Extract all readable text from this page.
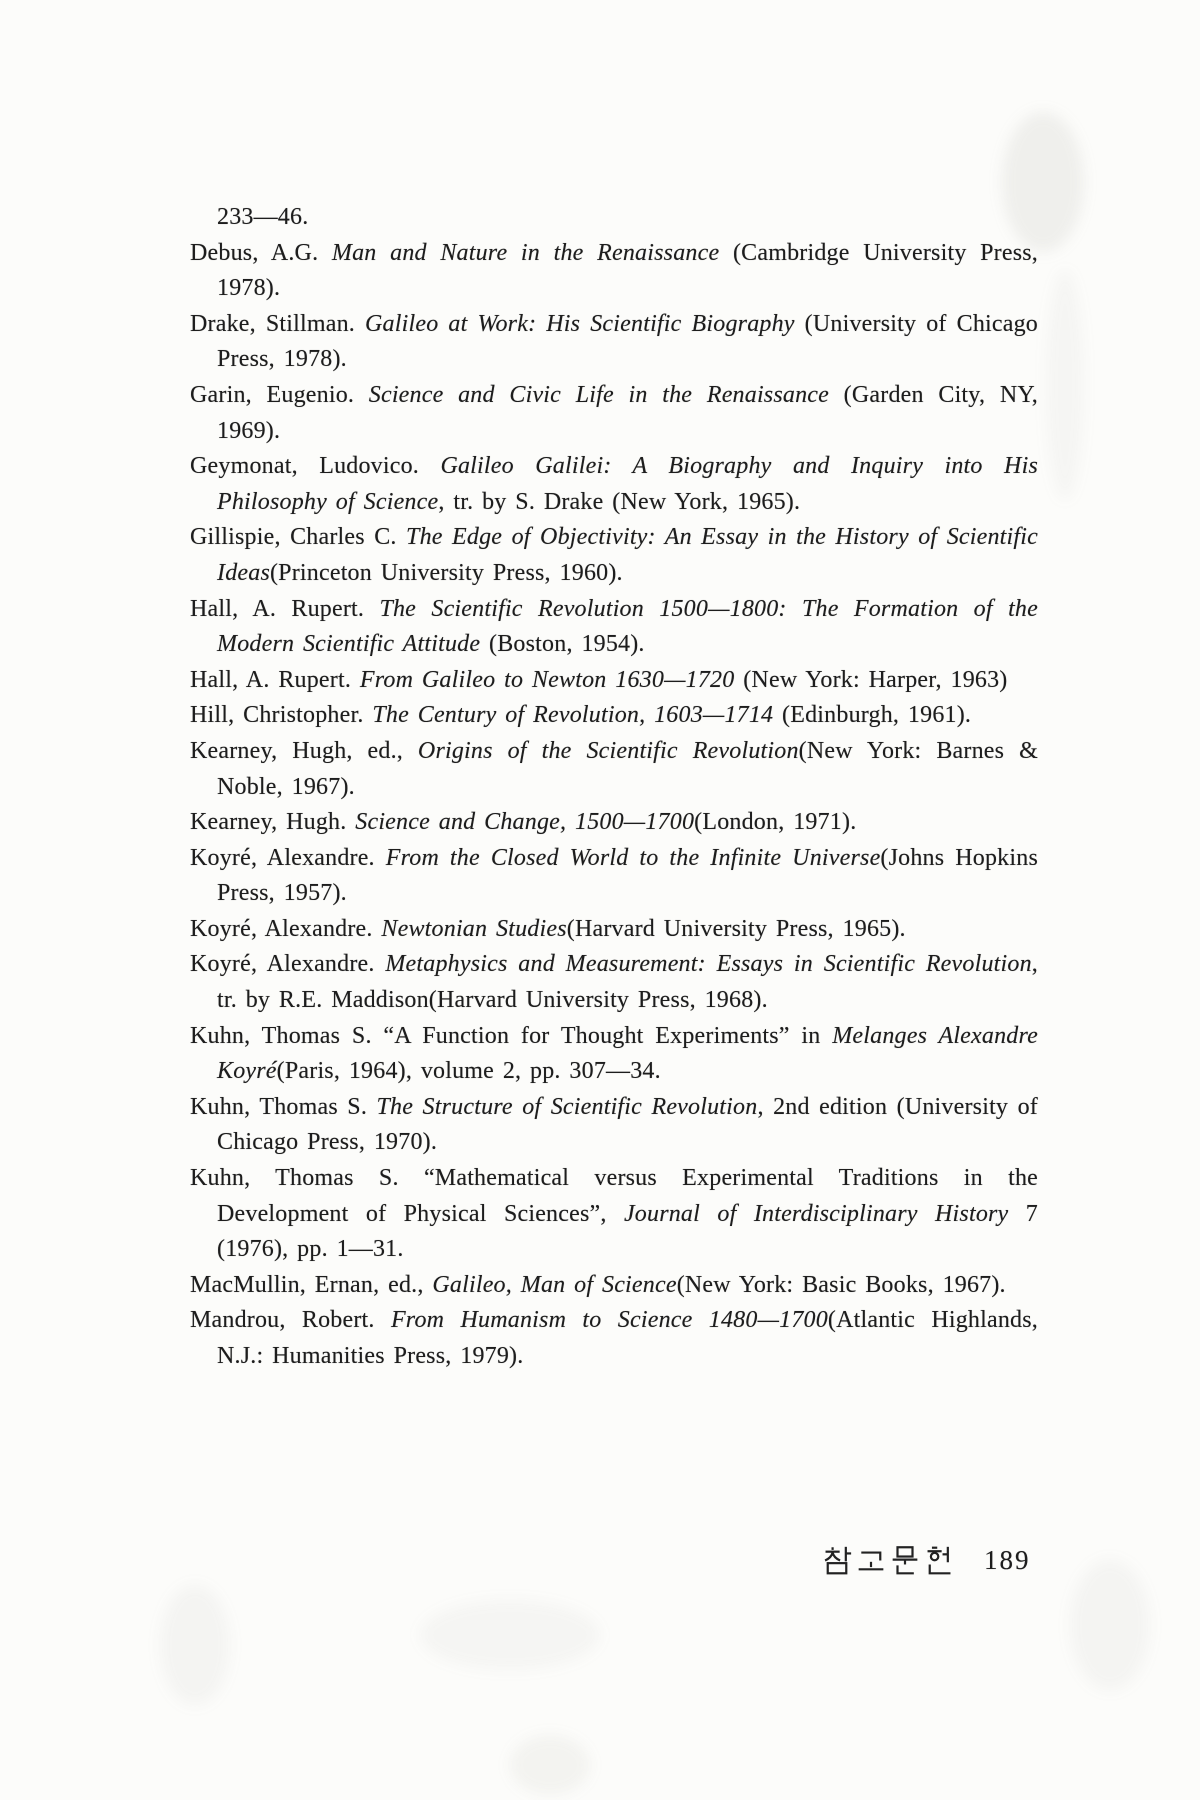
233—46.

Debus, A.G. Man and Nature in the Renaissance (Cambridge University Press, 1978).

Drake, Stillman. Galileo at Work: His Scientific Biography (University of Chicago Press, 1978).

Garin, Eugenio. Science and Civic Life in the Renaissance (Garden City, NY, 1969).

Geymonat, Ludovico. Galileo Galilei: A Biography and Inquiry into His Philosophy of Science, tr. by S. Drake (New York, 1965).

Gillispie, Charles C. The Edge of Objectivity: An Essay in the History of Scientific Ideas(Princeton University Press, 1960).

Hall, A. Rupert. The Scientific Revolution 1500—1800: The Formation of the Modern Scientific Attitude (Boston, 1954).

Hall, A. Rupert. From Galileo to Newton 1630—1720 (New York: Harper, 1963)

Hill, Christopher. The Century of Revolution, 1603—1714 (Edinburgh, 1961).

Kearney, Hugh, ed., Origins of the Scientific Revolution(New York: Barnes & Noble, 1967).

Kearney, Hugh. Science and Change, 1500—1700(London, 1971).

Koyré, Alexandre. From the Closed World to the Infinite Universe(Johns Hopkins Press, 1957).

Koyré, Alexandre. Newtonian Studies(Harvard University Press, 1965).

Koyré, Alexandre. Metaphysics and Measurement: Essays in Scientific Revolution, tr. by R.E. Maddison(Harvard University Press, 1968).

Kuhn, Thomas S. “A Function for Thought Experiments” in Melanges Alexandre Koyré(Paris, 1964), volume 2, pp. 307—34.

Kuhn, Thomas S. The Structure of Scientific Revolution, 2nd edition (University of Chicago Press, 1970).

Kuhn, Thomas S. “Mathematical versus Experimental Traditions in the Development of Physical Sciences”, Journal of Interdisciplinary History 7 (1976), pp. 1—31.

MacMullin, Ernan, ed., Galileo, Man of Science(New York: Basic Books, 1967).

Mandrou, Robert. From Humanism to Science 1480—1700(Atlantic Highlands, N.J.: Humanities Press, 1979).

189
